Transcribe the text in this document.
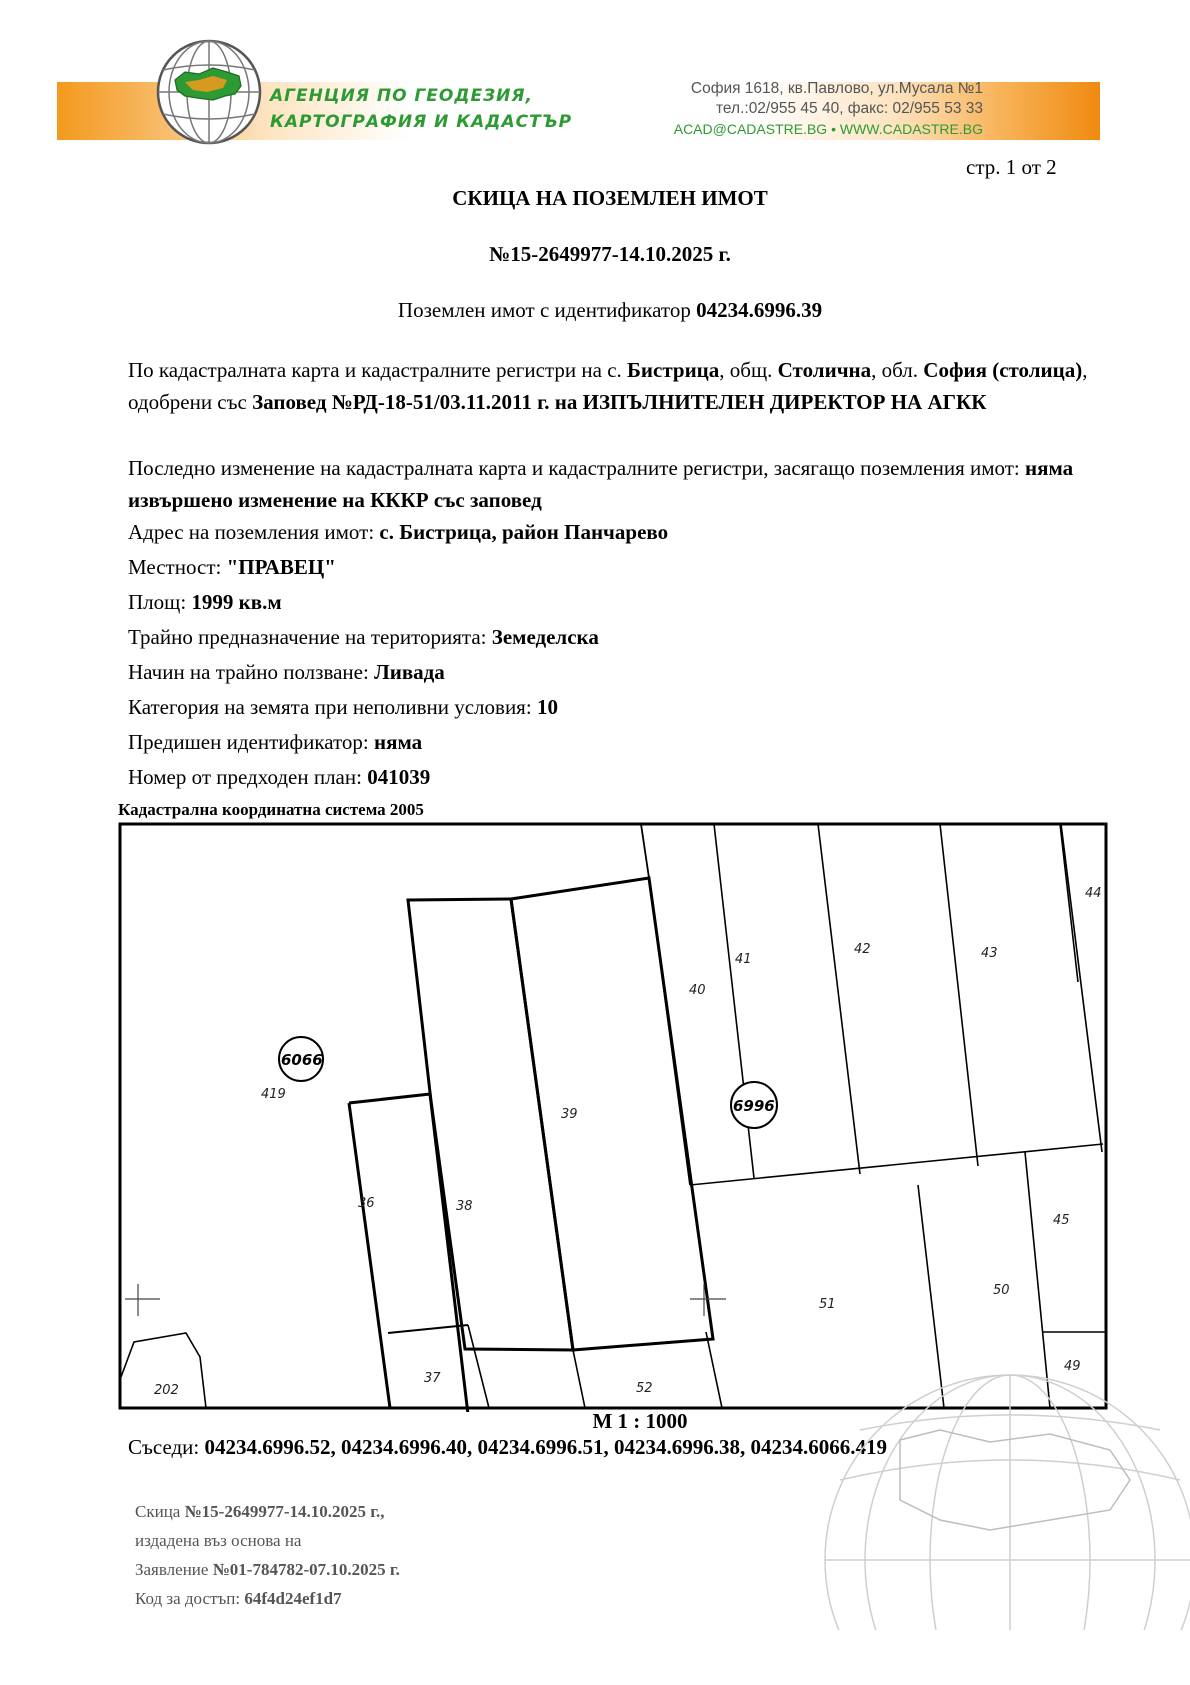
АГЕНЦИЯ ПО ГЕОДЕЗИЯ,
КАРТОГРАФИЯ И КАДАСТЪР
София 1618, кв.Павлово, ул.Мусала №1
тел.:02/955 45 40, факс: 02/955 53 33
ACAD@CADASTRE.BG • WWW.CADASTRE.BG
стр. 1 от 2
СКИЦА НА ПОЗЕМЛЕН ИМОТ
№15-2649977-14.10.2025 г.
Поземлен имот с идентификатор 04234.6996.39
По кадастралната карта и кадастралните регистри на с. Бистрица, общ. Столична, обл. София (столица), одобрени със Заповед №РД-18-51/03.11.2011 г. на ИЗПЪЛНИТЕЛЕН ДИРЕКТОР НА АГКК
Последно изменение на кадастралната карта и кадастралните регистри, засягащо поземления имот: няма извършено изменение на КККР със заповед
Адрес на поземления имот: с. Бистрица, район Панчарево
Местност: "ПРАВЕЦ"
Площ: 1999 кв.м
Трайно предназначение на територията: Земеделска
Начин на трайно ползване: Ливада
Категория на земята при неполивни условия: 10
Предишен идентификатор: няма
Номер от предходен план: 041039
Кадастрална координатна система 2005
6066
6996
419
39
40
41
42	43
44
36	38
37
52
51
50
45
49
202
М 1 : 1000
Съседи: 04234.6996.52, 04234.6996.40, 04234.6996.51, 04234.6996.38, 04234.6066.419
Скица №15-2649977-14.10.2025 г.,
издадена въз основа на
Заявление №01-784782-07.10.2025 г.
Код за достъп: 64f4d24ef1d7
